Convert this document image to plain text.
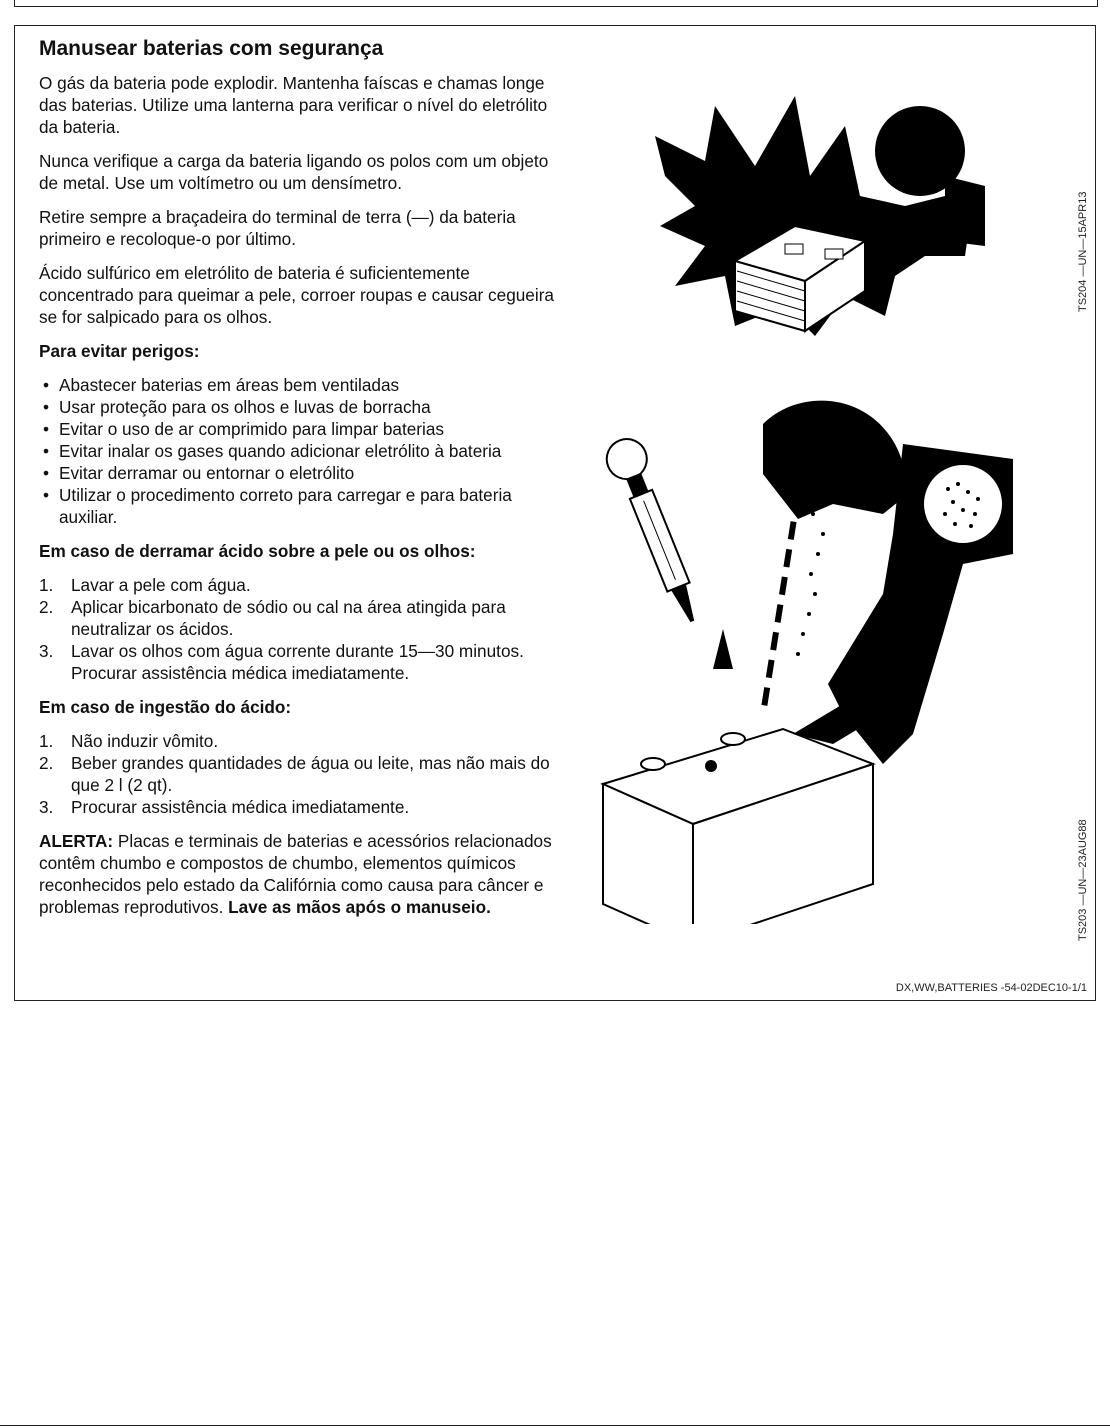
Manusear baterias com segurança

O gás da bateria pode explodir. Mantenha faíscas e chamas longe das baterias. Utilize uma lanterna para verificar o nível do eletrólito da bateria.

Nunca verifique a carga da bateria ligando os polos com um objeto de metal. Use um voltímetro ou um densímetro.

Retire sempre a braçadeira do terminal de terra (—) da bateria primeiro e recoloque-o por último.

Ácido sulfúrico em eletrólito de bateria é suficientemente concentrado para queimar a pele, corroer roupas e causar cegueira se for salpicado para os olhos.

Para evitar perigos:
• Abastecer baterias em áreas bem ventiladas
• Usar proteção para os olhos e luvas de borracha
• Evitar o uso de ar comprimido para limpar baterias
• Evitar inalar os gases quando adicionar eletrólito à bateria
• Evitar derramar ou entornar o eletrólito
• Utilizar o procedimento correto para carregar e para bateria auxiliar.
Em caso de derramar ácido sobre a pele ou os olhos:
1. Lavar a pele com água.
2. Aplicar bicarbonato de sódio ou cal na área atingida para neutralizar os ácidos.
3. Lavar os olhos com água corrente durante 15—30 minutos. Procurar assistência médica imediatamente.
Em caso de ingestão do ácido:
1. Não induzir vômito.
2. Beber grandes quantidades de água ou leite, mas não mais do que 2 l (2 qt).
3. Procurar assistência médica imediatamente.

ALERTA: Placas e terminais de baterias e acessórios relacionados contêm chumbo e compostos de chumbo, elementos químicos reconhecidos pelo estado da Califórnia como causa para câncer e problemas reprodutivos. Lave as mãos após o manuseio.

TS204 —UN—15APR13
TS203 —UN—23AUG88
DX,WW,BATTERIES -54-02DEC10-1/1
